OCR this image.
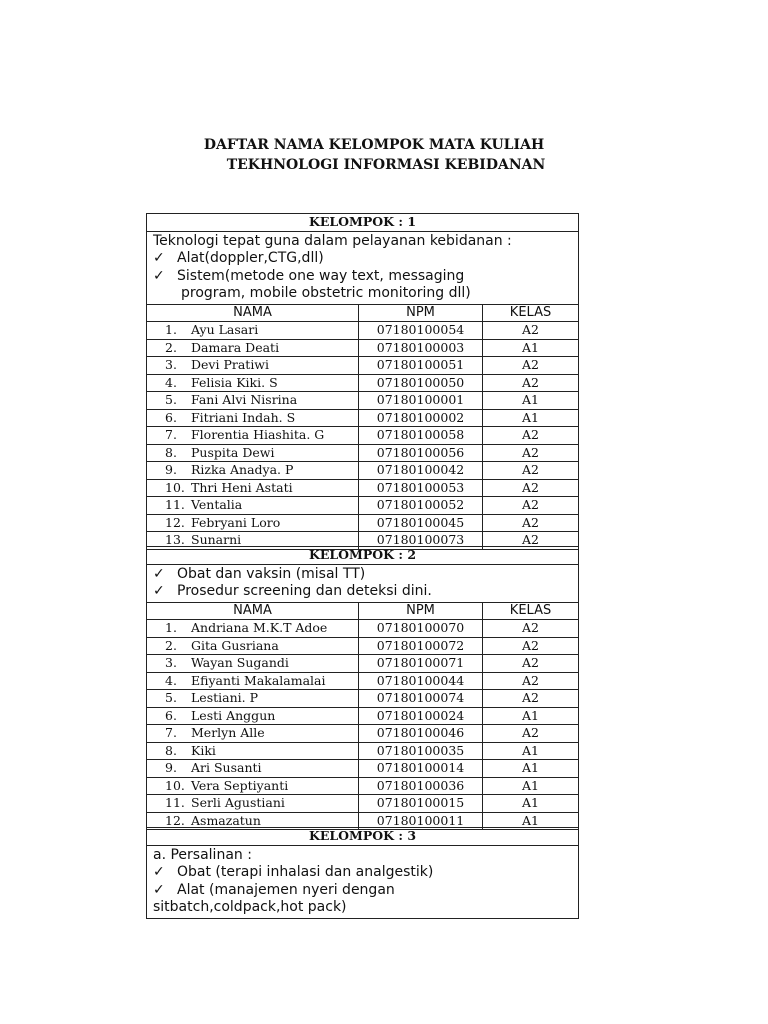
DAFTAR NAMA KELOMPOK MATA KULIAH
TEKHNOLOGI INFORMASI KEBIDANAN
KELOMPOK : 1		

Teknologi tepat guna dalam pelayanan kebidanan :
✓ Alat(doppler,CTG,dll)
✓ Sistem(metode one way text, messaging
program, mobile obstetric monitoring dll)		

NAMA	NPM	KELAS
1. Ayu Lasari	07180100054	A2
2. Damara Deati	07180100003	A1
3. Devi Pratiwi	07180100051	A2
4. Felisia Kiki. S	07180100050	A2
5. Fani Alvi Nisrina	07180100001	A1
6. Fitriani Indah. S	07180100002	A1
7. Florentia Hiashita. G	07180100058	A2
8. Puspita Dewi	07180100056	A2
9. Rizka Anadya. P	07180100042	A2
10. Thri Heni Astati	07180100053	A2
11. Ventalia	07180100052	A2
12. Febryani Loro	07180100045	A2
13. Sunarni	07180100073	A2
KELOMPOK : 2		

✓ Obat dan vaksin (misal TT)
✓ Prosedur screening dan deteksi dini.		

NAMA	NPM	KELAS
1. Andriana M.K.T Adoe	07180100070	A2
2. Gita Gusriana	07180100072	A2
3. Wayan Sugandi	07180100071	A2
4. Efiyanti Makalamalai	07180100044	A2
5. Lestiani. P	07180100074	A2
6. Lesti Anggun	07180100024	A1
7. Merlyn Alle	07180100046	A2
8. Kiki	07180100035	A1
9. Ari Susanti	07180100014	A1
10. Vera Septiyanti	07180100036	A1
11. Serli Agustiani	07180100015	A1
12. Asmazatun	07180100011	A1
KELOMPOK : 3

a. Persalinan :
✓ Obat (terapi inhalasi dan analgestik)
✓ Alat (manajemen nyeri dengan
sitbatch,coldpack,hot pack)
